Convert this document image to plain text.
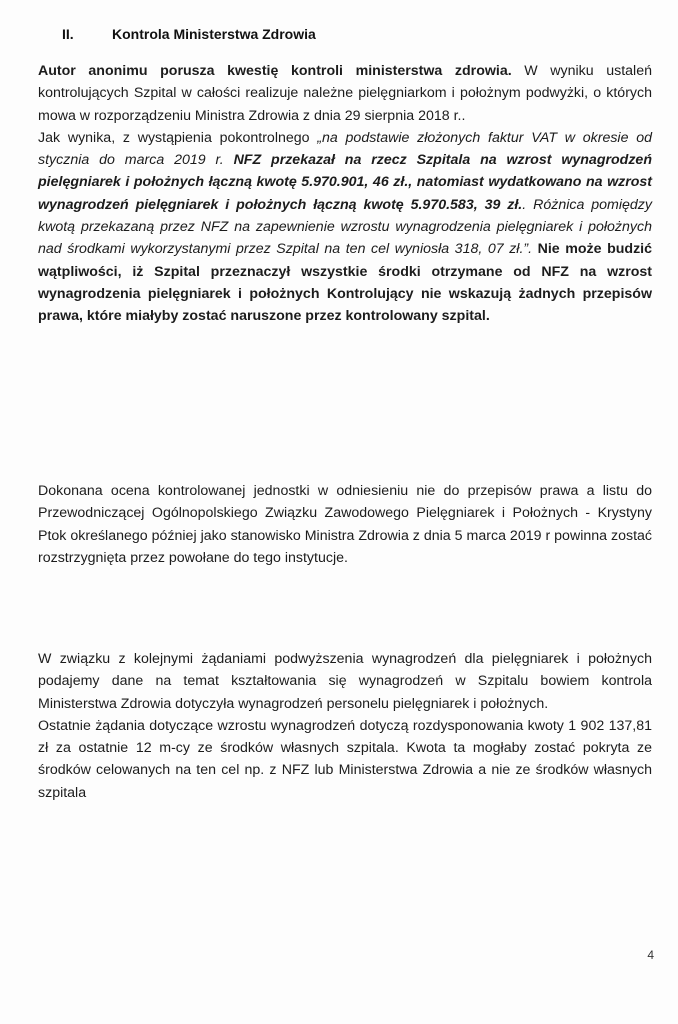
II.	Kontrola Ministerstwa Zdrowia

Autor anonimu porusza kwestię kontroli ministerstwa zdrowia. W wyniku ustaleń kontrolujących Szpital w całości realizuje należne pielęgniarkom i położnym podwyżki, o których mowa w rozporządzeniu Ministra Zdrowia z dnia 29 sierpnia 2018 r..

Jak wynika, z wystąpienia pokontrolnego „na podstawie złożonych faktur VAT w okresie od stycznia do marca 2019 r. NFZ przekazał na rzecz Szpitala na wzrost wynagrodzeń pielęgniarek i położnych łączną kwotę 5.970.901, 46 zł., natomiast wydatkowano na wzrost wynagrodzeń pielęgniarek i położnych łączną kwotę 5.970.583, 39 zł.. Różnica pomiędzy kwotą przekazaną przez NFZ na zapewnienie wzrostu wynagrodzenia pielęgniarek i położnych nad środkami wykorzystanymi przez Szpital na ten cel wyniosła 318, 07 zł.”. Nie może budzić wątpliwości, iż Szpital przeznaczył wszystkie środki otrzymane od NFZ na wzrost wynagrodzenia pielęgniarek i położnych Kontrolujący nie wskazują żadnych przepisów prawa, które miałyby zostać naruszone przez kontrolowany szpital.

Dokonana ocena kontrolowanej jednostki w odniesieniu nie do przepisów prawa a listu do Przewodniczącej Ogólnopolskiego Związku Zawodowego Pielęgniarek i Położnych - Krystyny Ptok określanego później jako stanowisko Ministra Zdrowia z dnia 5 marca 2019 r powinna zostać rozstrzygnięta przez powołane do tego instytucje.

W związku z kolejnymi żądaniami podwyższenia wynagrodzeń dla pielęgniarek i położnych podajemy dane na temat kształtowania się wynagrodzeń w Szpitalu bowiem kontrola Ministerstwa Zdrowia dotyczyła wynagrodzeń personelu pielęgniarek i położnych.

Ostatnie żądania dotyczące wzrostu wynagrodzeń dotyczą rozdysponowania kwoty 1 902 137,81 zł za ostatnie 12 m-cy ze środków własnych szpitala. Kwota ta mogłaby zostać pokryta ze środków celowanych na ten cel np. z NFZ lub Ministerstwa Zdrowia a nie ze środków własnych szpitala

4
